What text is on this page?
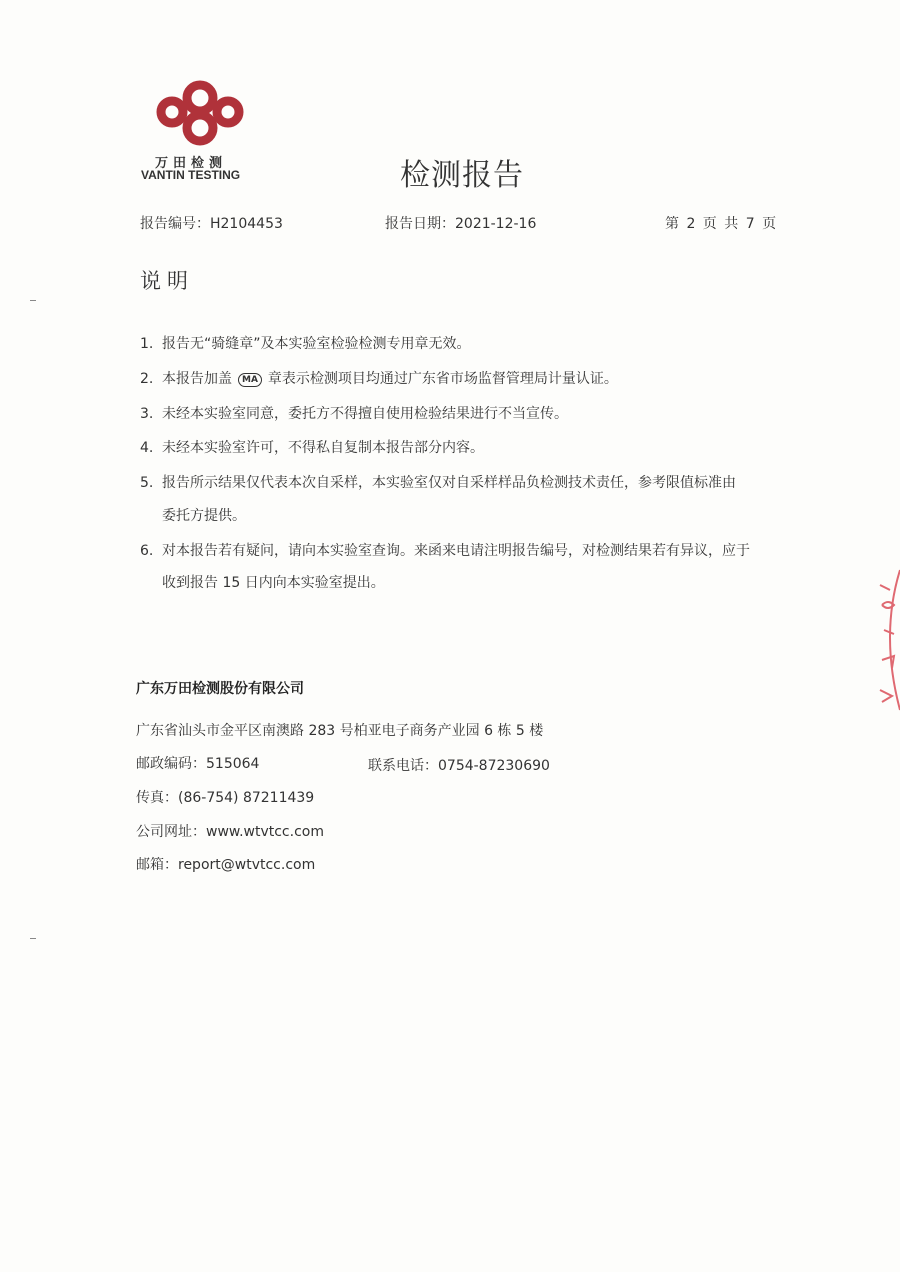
万田检测
VANTIN TESTING	检测报告
报告编号：H2104453	报告日期：2021-12-16	第 2 页 共 7 页
说明
1. 报告无“骑缝章”及本实验室检验检测专用章无效。
2. 本报告加盖 MA 章表示检测项目均通过广东省市场监督管理局计量认证。
3. 未经本实验室同意，委托方不得擅自使用检验结果进行不当宣传。
4. 未经本实验室许可，不得私自复制本报告部分内容。
5. 报告所示结果仅代表本次自采样，本实验室仅对自采样样品负检测技术责任，参考限值标准由
委托方提供。
6. 对本报告若有疑问，请向本实验室查询。来函来电请注明报告编号，对检测结果若有异议，应于
收到报告 15 日内向本实验室提出。
广东万田检测股份有限公司
广东省汕头市金平区南澳路 283 号柏亚电子商务产业园 6 栋 5 楼
邮政编码：515064	联系电话：0754-87230690
传真：(86-754) 87211439
公司网址：www.wtvtcc.com
邮箱：report@wtvtcc.com
